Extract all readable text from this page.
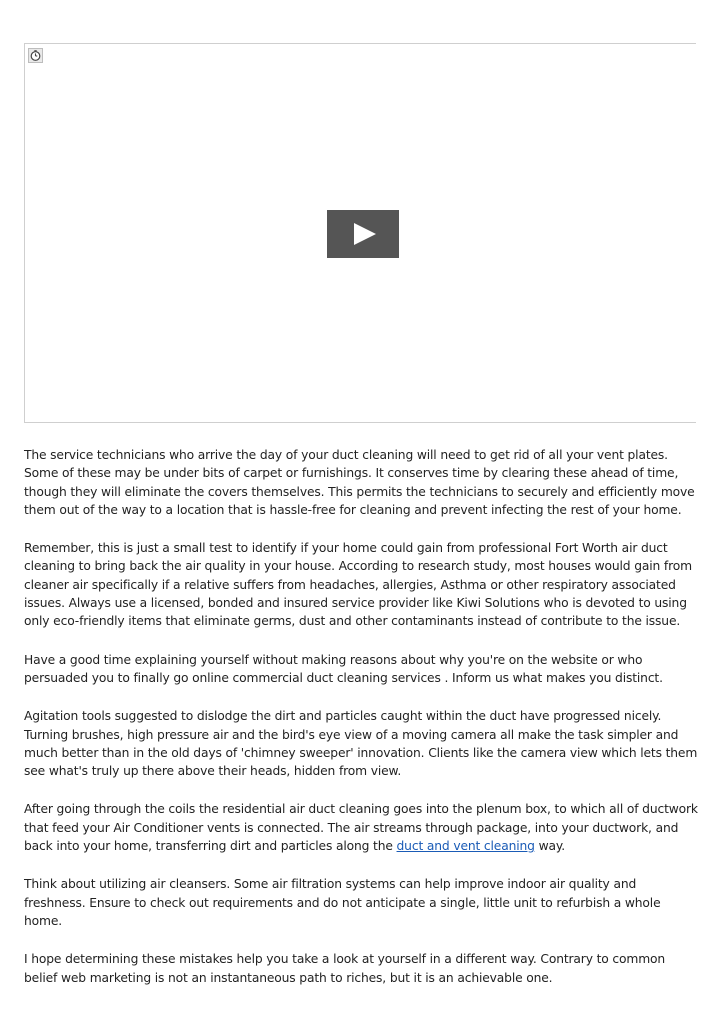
The service technicians who arrive the day of your duct cleaning will need to get rid of all your vent plates. Some of these may be under bits of carpet or furnishings. It conserves time by clearing these ahead of time, though they will eliminate the covers themselves. This permits the technicians to securely and efficiently move them out of the way to a location that is hassle-free for cleaning and prevent infecting the rest of your home.

Remember, this is just a small test to identify if your home could gain from professional Fort Worth air duct cleaning to bring back the air quality in your house. According to research study, most houses would gain from cleaner air specifically if a relative suffers from headaches, allergies, Asthma or other respiratory associated issues. Always use a licensed, bonded and insured service provider like Kiwi Solutions who is devoted to using only eco-friendly items that eliminate germs, dust and other contaminants instead of contribute to the issue.

Have a good time explaining yourself without making reasons about why you're on the website or who persuaded you to finally go online commercial duct cleaning services . Inform us what makes you distinct.

Agitation tools suggested to dislodge the dirt and particles caught within the duct have progressed nicely. Turning brushes, high pressure air and the bird's eye view of a moving camera all make the task simpler and much better than in the old days of 'chimney sweeper' innovation. Clients like the camera view which lets them see what's truly up there above their heads, hidden from view.

After going through the coils the residential air duct cleaning goes into the plenum box, to which all of ductwork that feed your Air Conditioner vents is connected. The air streams through package, into your ductwork, and back into your home, transferring dirt and particles along the duct and vent cleaning way.

Think about utilizing air cleansers. Some air filtration systems can help improve indoor air quality and freshness. Ensure to check out requirements and do not anticipate a single, little unit to refurbish a whole home.

I hope determining these mistakes help you take a look at yourself in a different way. Contrary to common belief web marketing is not an instantaneous path to riches, but it is an achievable one.
